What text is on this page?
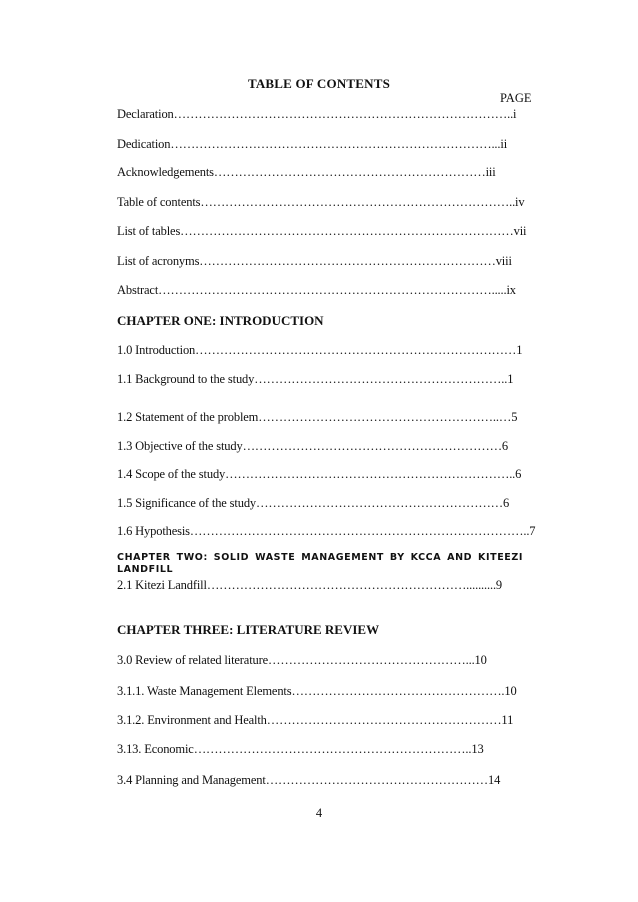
TABLE OF CONTENTS
PAGE
Declaration………………………………………………………………………..i
Dedication……………………………………………………………………...ii
Acknowledgements…………………………………………………………iii
Table of contents…………………………………………………………………..iv
List of tables………………………………………………………………………vii
List of acronyms………………………………………………………………viii
Abstract……………………………………………………………………….....ix
CHAPTER ONE: INTRODUCTION
1.0 Introduction……………………………………………………………………1
1.1 Background to the study……………………………………………………..1
1.2 Statement of the problem…………………………………………………..…5
1.3 Objective of the study………………………………………………………6
1.4 Scope of the study……………………………………………………………..6
1.5 Significance of the study……………………………………………………6
1.6 Hypothesis………………………………………………………………………..7
CHAPTER TWO: SOLID WASTE MANAGEMENT BY KCCA AND KITEEZI LANDFILL
2.1 Kitezi Landfill………………………………………………………..........9
CHAPTER THREE: LITERATURE REVIEW
3.0 Review of related literature…………………………………………...10
3.1.1. Waste Management Elements…………………………………………….10
3.1.2. Environment and Health…………………………………………………11
3.13. Economic…………………………………………………………..13
3.4 Planning and Management………………………………………………14
4
